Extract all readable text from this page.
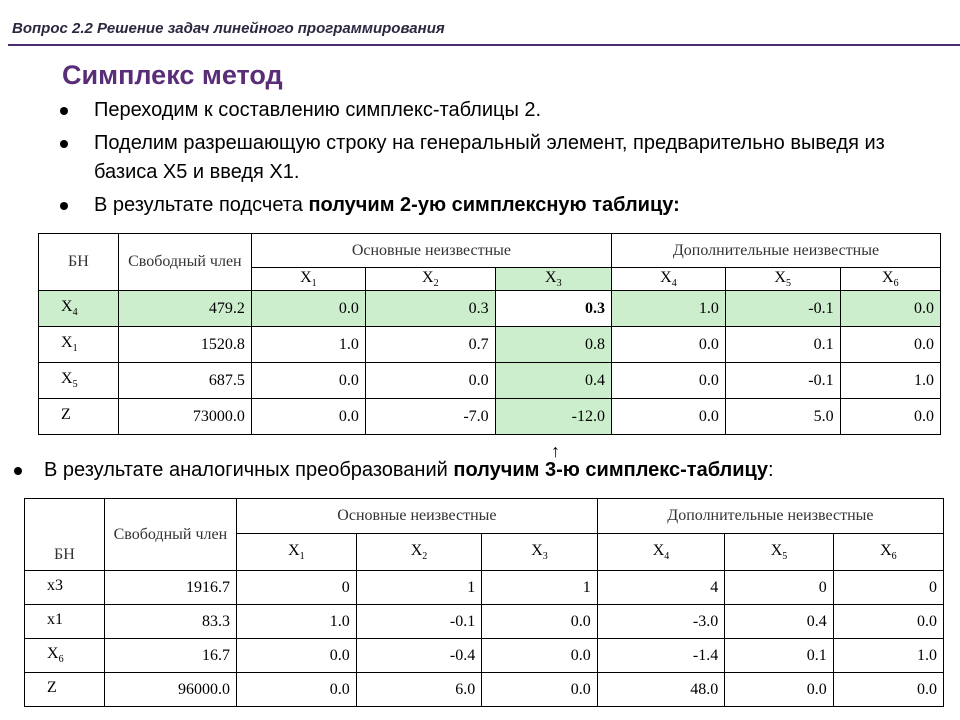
Вопрос 2.2 Решение задач линейного программирования
Симплекс метод
Переходим к составлению симплекс-таблицы 2.
Поделим разрешающую строку на генеральный элемент, предварительно выведя из базиса Х5 и введя Х1.
В результате подсчета получим 2-ую симплексную таблицу:
БН	Свободный член	Основные неизвестные			Дополнительные неизвестные		
		$X_1$	$X_2$	$X_3$	$X_4$	$X_5$	$X_6$
$X_4$	479.2	0.0	0.3	0.3	1.0	-0.1	0.0
$X_1$	1520.8	1.0	0.7	0.8	0.0	0.1	0.0
$X_5$	687.5	0.0	0.0	0.4	0.0	-0.1	1.0
Z	73000.0	0.0	-7.0	-12.0	0.0	5.0	0.0
↑
В результате аналогичных преобразований получим 3-ю симплекс-таблицу:
БН	Свободный член	Основные неизвестные			Дополнительные неизвестные		
		$X_1$	$X_2$	$X_3$	$X_4$	$X_5$	$X_6$
x3	1916.7	0	1	1	4	0	0
x1	83.3	1.0	-0.1	0.0	-3.0	0.4	0.0
$X_6$	16.7	0.0	-0.4	0.0	-1.4	0.1	1.0
Z	96000.0	0.0	6.0	0.0	48.0	0.0	0.0
